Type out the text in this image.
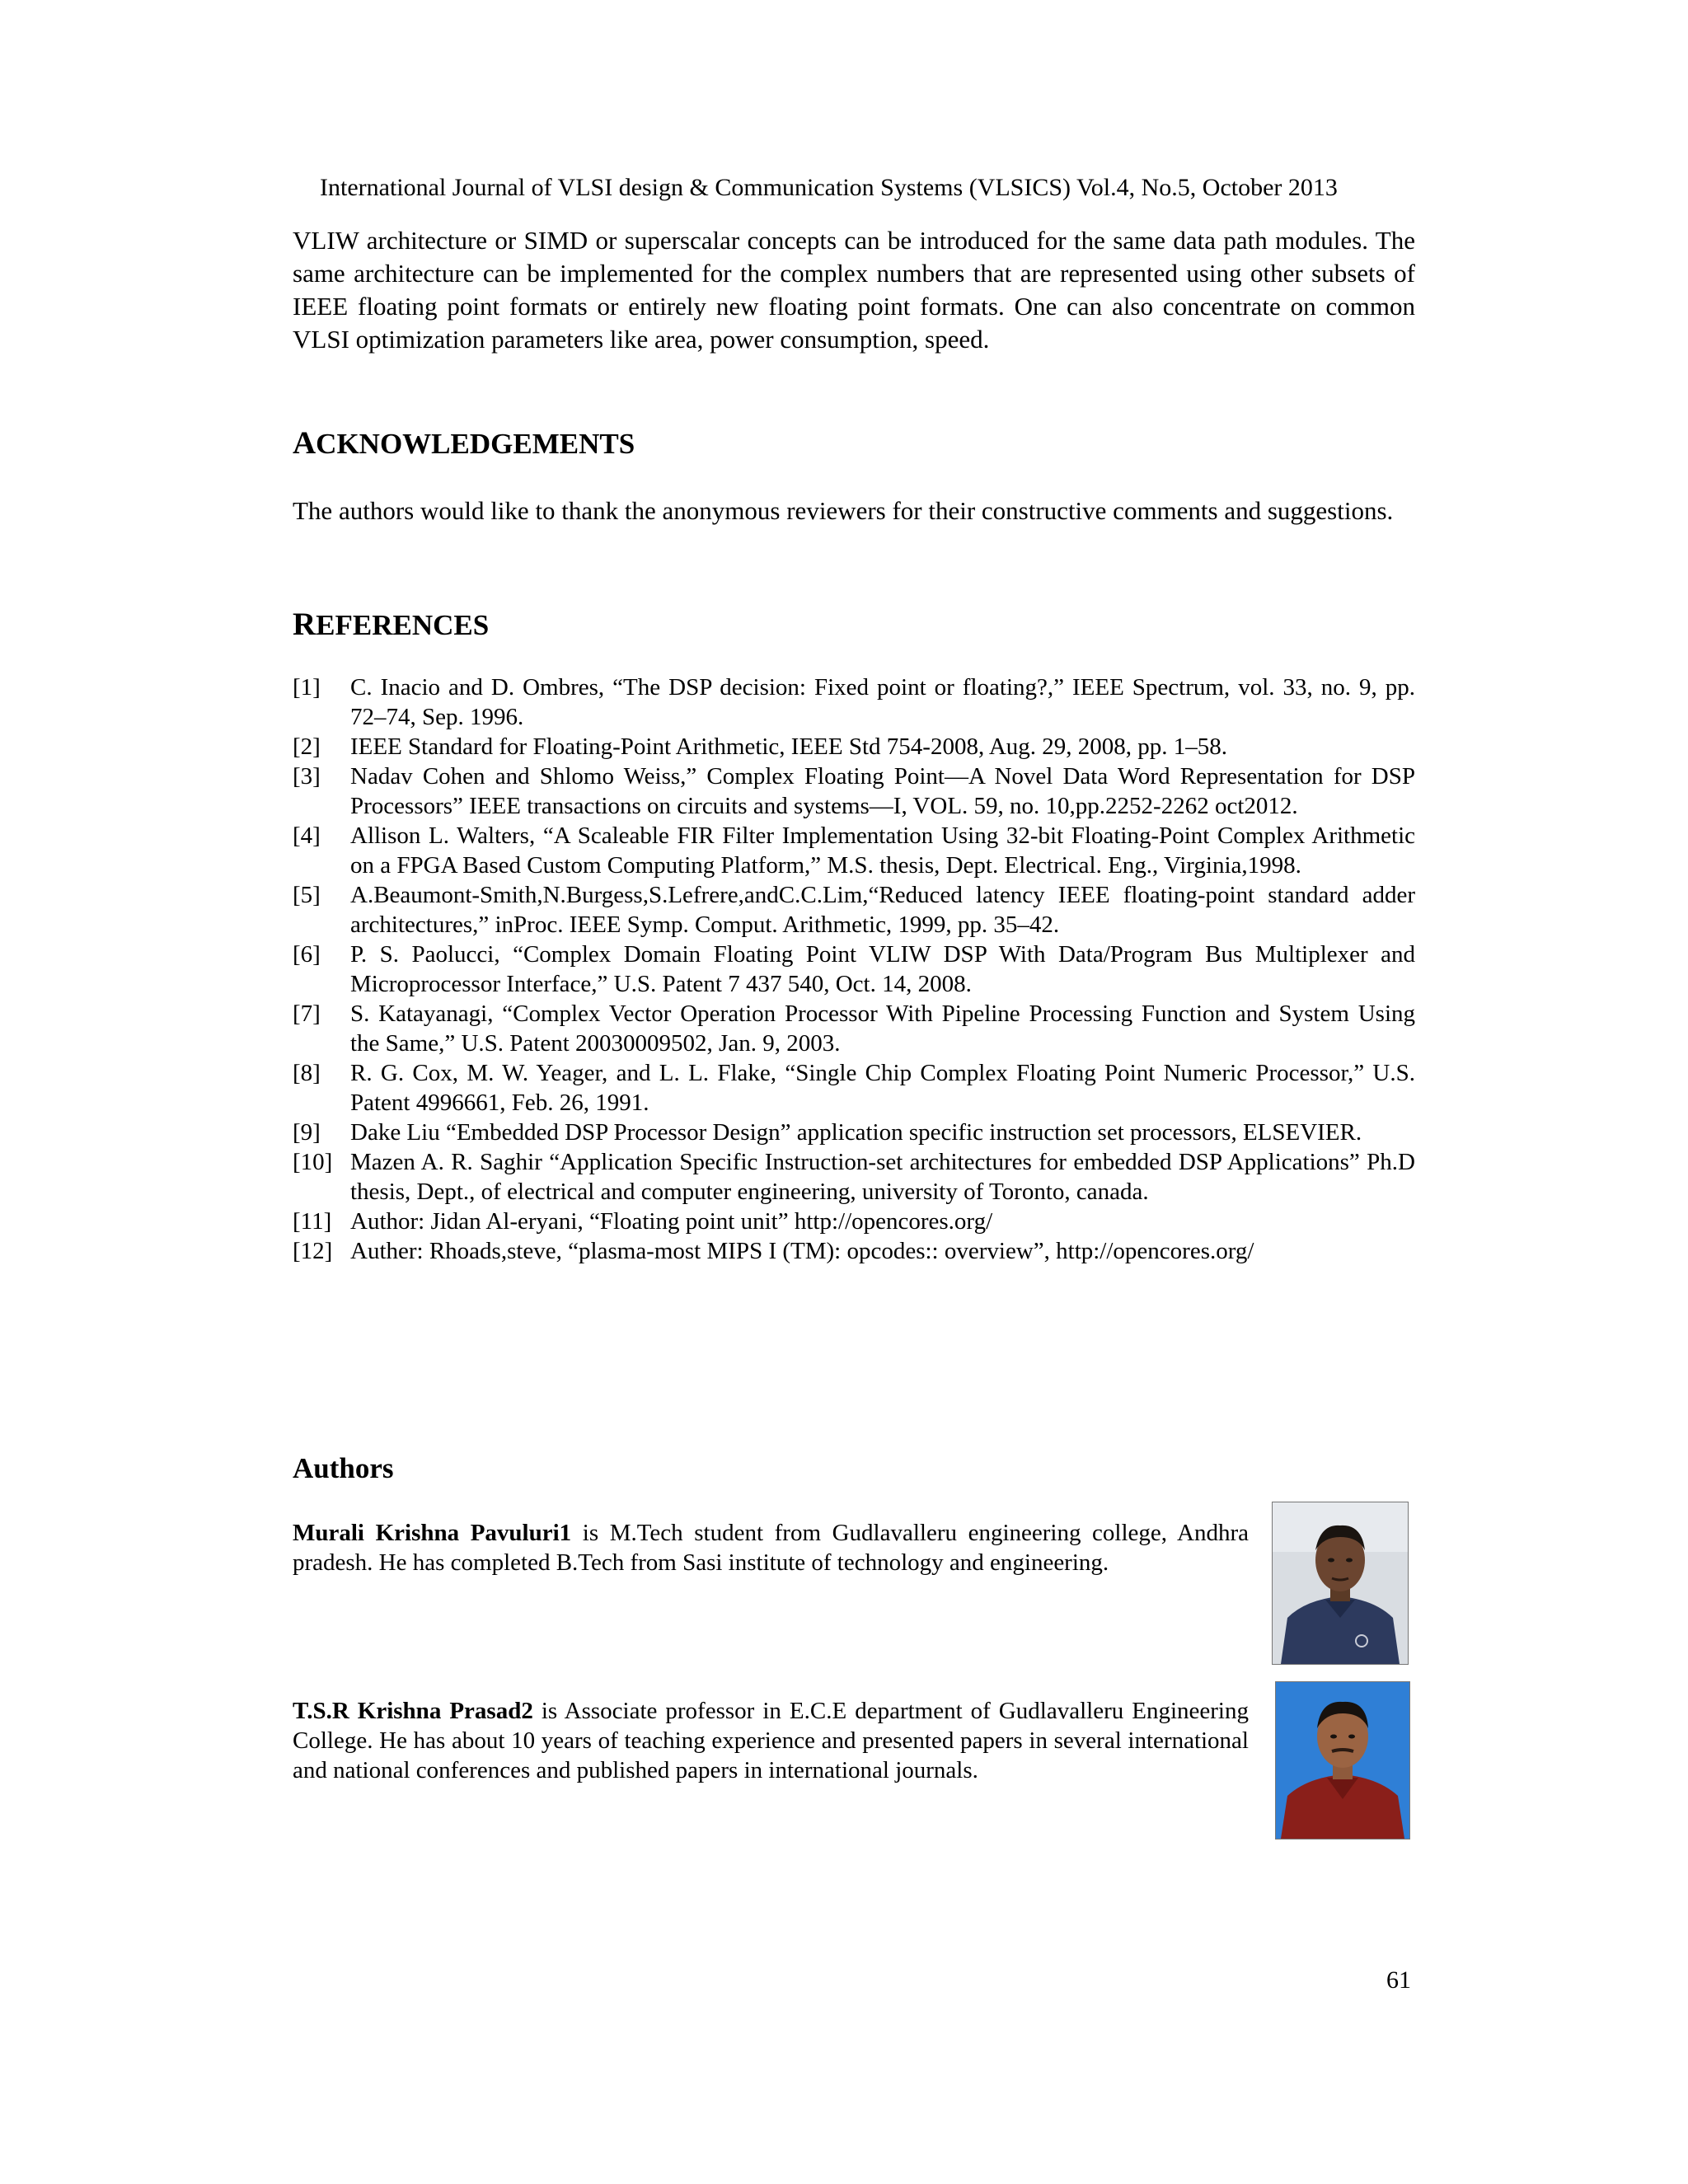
International Journal of VLSI design & Communication Systems (VLSICS) Vol.4, No.5, October 2013

VLIW architecture or SIMD or superscalar concepts can be introduced for the same data path modules. The same architecture can be implemented for the complex numbers that are represented using other subsets of IEEE floating point formats or entirely new floating point formats. One can also concentrate on common VLSI optimization parameters like area, power consumption, speed.

ACKNOWLEDGEMENTS

The authors would like to thank the anonymous reviewers for their constructive comments and suggestions.

REFERENCES

[1]	C. Inacio and D. Ombres, “The DSP decision: Fixed point or floating?,” IEEE Spectrum, vol. 33, no. 9, pp. 72–74, Sep. 1996.
[2]	IEEE Standard for Floating-Point Arithmetic, IEEE Std 754-2008, Aug. 29, 2008, pp. 1–58.
[3]	Nadav Cohen and Shlomo Weiss,” Complex Floating Point—A Novel Data Word Representation for DSP Processors” IEEE transactions on circuits and systems—I, VOL. 59, no. 10,pp.2252-2262 oct2012.
[4]	Allison L. Walters, “A Scaleable FIR Filter Implementation Using 32-bit Floating-Point Complex Arithmetic on a FPGA Based Custom Computing Platform,” M.S. thesis, Dept. Electrical. Eng., Virginia,1998.
[5]	A.Beaumont-Smith,N.Burgess,S.Lefrere,andC.C.Lim,“Reduced latency IEEE floating-point standard adder architectures,” inProc. IEEE Symp. Comput. Arithmetic, 1999, pp. 35–42.
[6]	P. S. Paolucci, “Complex Domain Floating Point VLIW DSP With Data/Program Bus Multiplexer and Microprocessor Interface,” U.S. Patent 7 437 540, Oct. 14, 2008.
[7]	S. Katayanagi, “Complex Vector Operation Processor With Pipeline Processing Function and System Using the Same,” U.S. Patent 20030009502, Jan. 9, 2003.
[8]	R. G. Cox, M. W. Yeager, and L. L. Flake, “Single Chip Complex Floating Point Numeric Processor,” U.S. Patent 4996661, Feb. 26, 1991.
[9]	Dake Liu “Embedded DSP Processor Design” application specific instruction set processors, ELSEVIER.
[10] Mazen A. R. Saghir “Application Specific Instruction-set architectures for embedded DSP Applications” Ph.D thesis, Dept., of electrical and computer engineering, university of Toronto, canada.
[11] Author: Jidan Al-eryani, “Floating point unit” http://opencores.org/
[12] Auther: Rhoads,steve, “plasma-most MIPS I (TM): opcodes:: overview”, http://opencores.org/
Authors
Murali Krishna Pavuluri1 is M.Tech student from Gudlavalleru engineering college, Andhra pradesh. He has completed B.Tech from Sasi institute of technology and engineering.
T.S.R Krishna Prasad2 is Associate professor in E.C.E department of Gudlavalleru Engineering College. He has about 10 years of teaching experience and presented papers in several international and national conferences and published papers in international journals.
61
